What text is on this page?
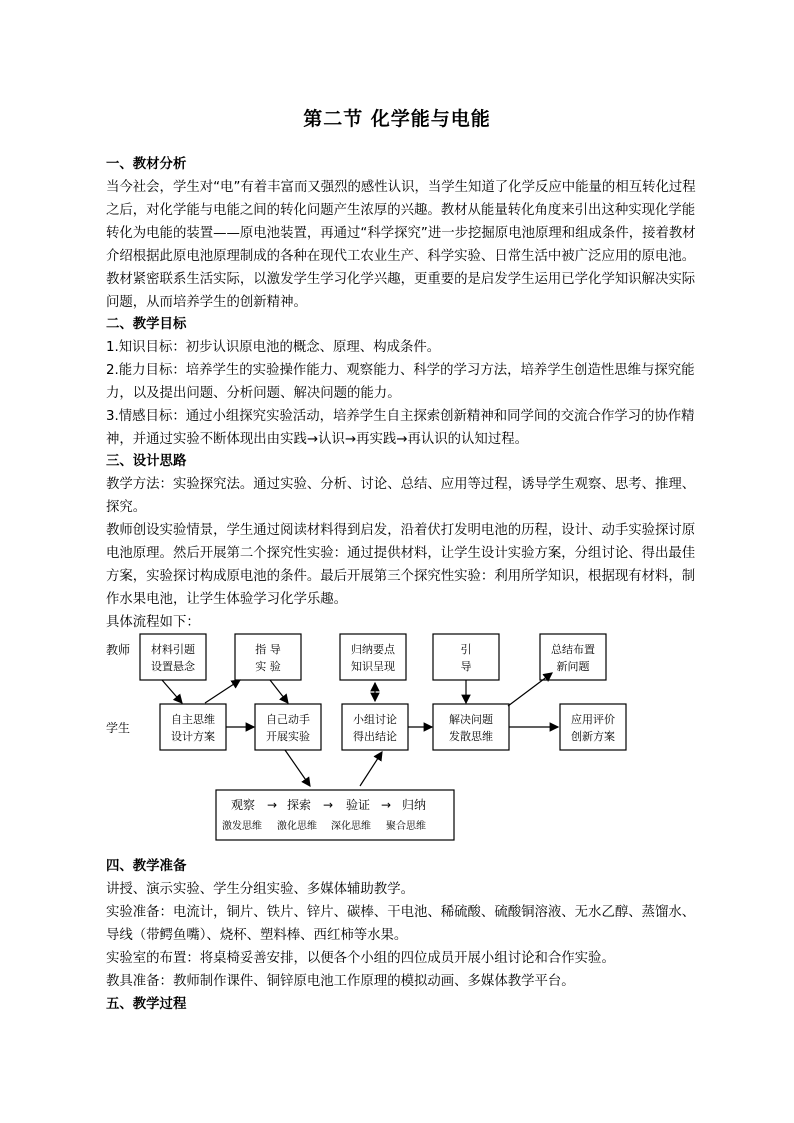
第二节 化学能与电能
一、教材分析
当今社会，学生对“电”有着丰富而又强烈的感性认识，当学生知道了化学反应中能量的相互转化过程之后，对化学能与电能之间的转化问题产生浓厚的兴趣。教材从能量转化角度来引出这种实现化学能转化为电能的装置——原电池装置，再通过“科学探究”进一步挖掘原电池原理和组成条件，接着教材介绍根据此原电池原理制成的各种在现代工农业生产、科学实验、日常生活中被广泛应用的原电池。教材紧密联系生活实际，以激发学生学习化学兴趣，更重要的是启发学生运用已学化学知识解决实际问题，从而培养学生的创新精神。
二、教学目标
1.知识目标：初步认识原电池的概念、原理、构成条件。
2.能力目标：培养学生的实验操作能力、观察能力、科学的学习方法，培养学生创造性思维与探究能力，以及提出问题、分析问题、解决问题的能力。
3.情感目标：通过小组探究实验活动，培养学生自主探索创新精神和同学间的交流合作学习的协作精神，并通过实验不断体现出由实践→认识→再实践→再认识的认知过程。
三、设计思路
教学方法：实验探究法。通过实验、分析、讨论、总结、应用等过程，诱导学生观察、思考、推理、探究。
教师创设实验情景，学生通过阅读材料得到启发，沿着伏打发明电池的历程，设计、动手实验探讨原电池原理。然后开展第二个探究性实验：通过提供材料，让学生设计实验方案，分组讨论、得出最佳方案，实验探讨构成原电池的条件。最后开展第三个探究性实验：利用所学知识，根据现有材料，制作水果电池，让学生体验学习化学乐趣。
具体流程如下：
教师
学生
材料引题
设置悬念
指 导
实 验
归纳要点
知识呈现
引
导
总结布置
新问题
自主思维
设计方案
自己动手
开展实验
小组讨论
得出结论
解决问题
发散思维
应用评价
创新方案
观察 → 探索 → 验证 → 归纳
激发思维 激化思维 深化思维 聚合思维
四、教学准备
讲授、演示实验、学生分组实验、多媒体辅助教学。
实验准备：电流计，铜片、铁片、锌片、碳棒、干电池、稀硫酸、硫酸铜溶液、无水乙醇、蒸馏水、导线（带鳄鱼嘴）、烧杯、塑料棒、西红柿等水果。
实验室的布置：将桌椅妥善安排，以便各个小组的四位成员开展小组讨论和合作实验。
教具准备：教师制作课件、铜锌原电池工作原理的模拟动画、多媒体教学平台。
五、教学过程
